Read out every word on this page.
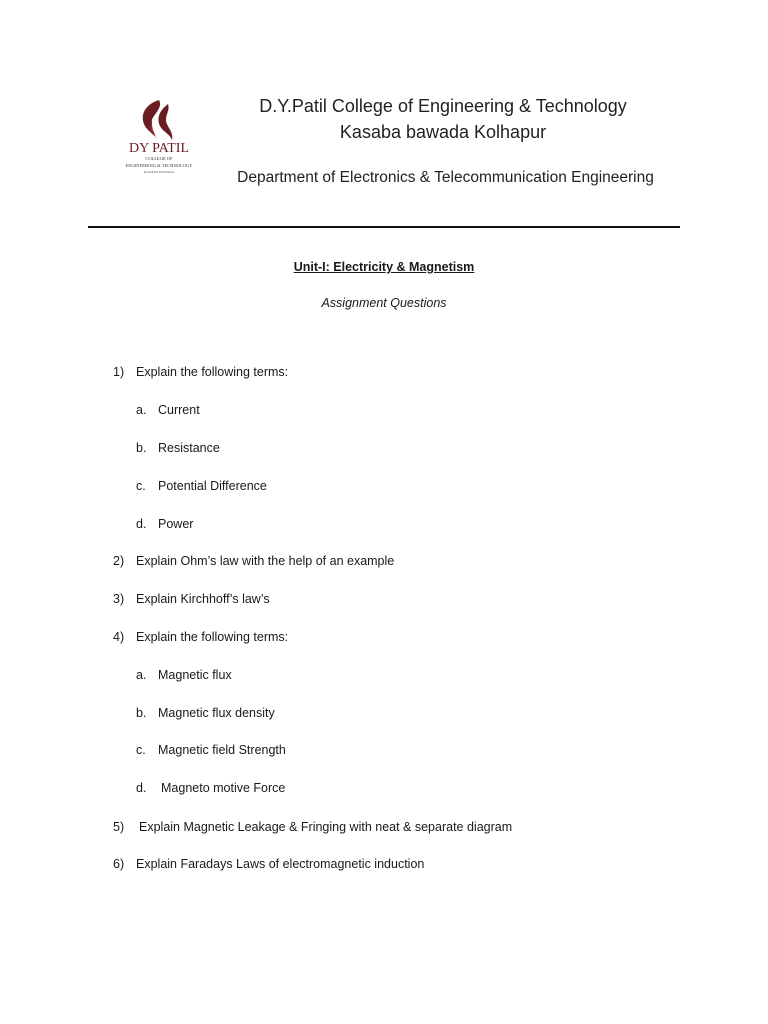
DY PATIL
COLLEGE OF
ENGINEERING & TECHNOLOGY
KASABA BAWADA
D.Y.Patil College of Engineering & Technology
Kasaba bawada Kolhapur
Department of Electronics & Telecommunication Engineering
Unit-I: Electricity & Magnetism
Assignment Questions
1) Explain the following terms:
a. Current
b. Resistance
c. Potential Difference
d. Power
2) Explain Ohm’s law with the help of an example
3) Explain Kirchhoff’s law’s
4) Explain the following terms:
a. Magnetic flux
b. Magnetic flux density
c. Magnetic field Strength
d. Magneto motive Force
5) Explain Magnetic Leakage & Fringing with neat & separate diagram
6) Explain Faradays Laws of electromagnetic induction
